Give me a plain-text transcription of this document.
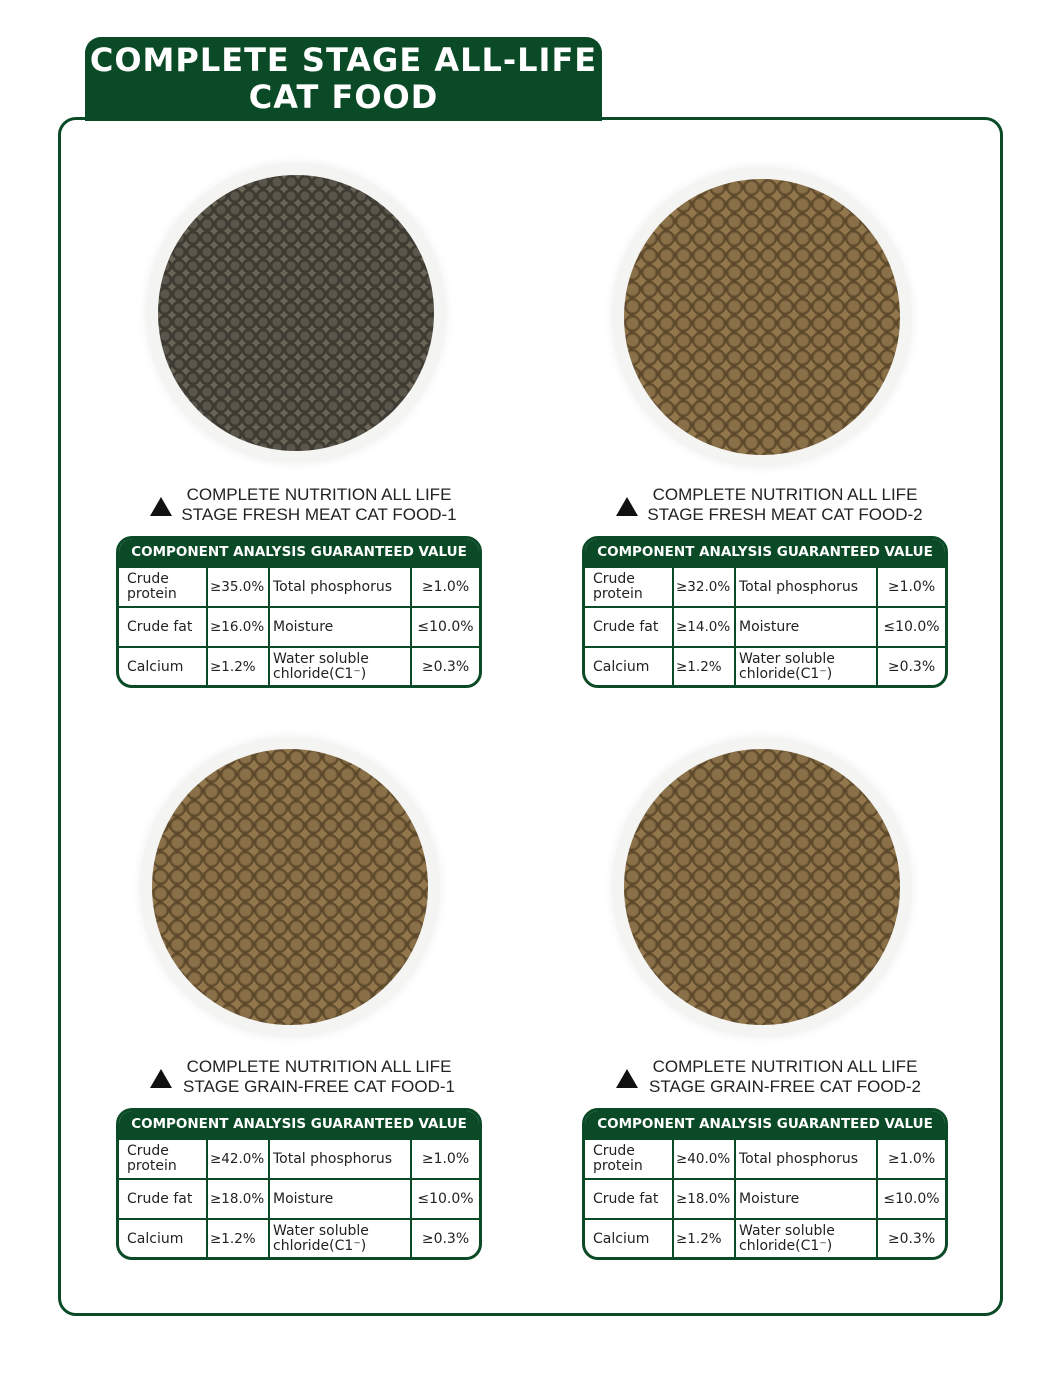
COMPLETE STAGE ALL-LIFE
CAT FOOD
COMPLETE NUTRITION ALL LIFE
STAGE FRESH MEAT CAT FOOD-1
COMPONENT ANALYSIS GUARANTEED VALUE
Crude protein	≥35.0% Total phosphorus	≥1.0%
Crude fat	≥16.0% Moisture	≤10.0%
Calcium	≥1.2%	Water soluble chloride(C1⁻)	≥0.3%
COMPLETE NUTRITION ALL LIFE
STAGE FRESH MEAT CAT FOOD-2
COMPONENT ANALYSIS GUARANTEED VALUE
Crude protein	≥32.0% Total phosphorus	≥1.0%
Crude fat	≥14.0% Moisture	≤10.0%
Calcium	≥1.2%	Water soluble chloride(C1⁻)	≥0.3%
COMPLETE NUTRITION ALL LIFE
STAGE GRAIN-FREE CAT FOOD-1
COMPONENT ANALYSIS GUARANTEED VALUE
Crude protein	≥42.0% Total phosphorus	≥1.0%
Crude fat	≥18.0% Moisture	≤10.0%
Calcium	≥1.2%	Water soluble chloride(C1⁻)	≥0.3%
COMPLETE NUTRITION ALL LIFE
STAGE GRAIN-FREE CAT FOOD-2
COMPONENT ANALYSIS GUARANTEED VALUE
Crude protein	≥40.0% Total phosphorus	≥1.0%
Crude fat	≥18.0% Moisture	≤10.0%
Calcium	≥1.2%	Water soluble chloride(C1⁻)	≥0.3%
